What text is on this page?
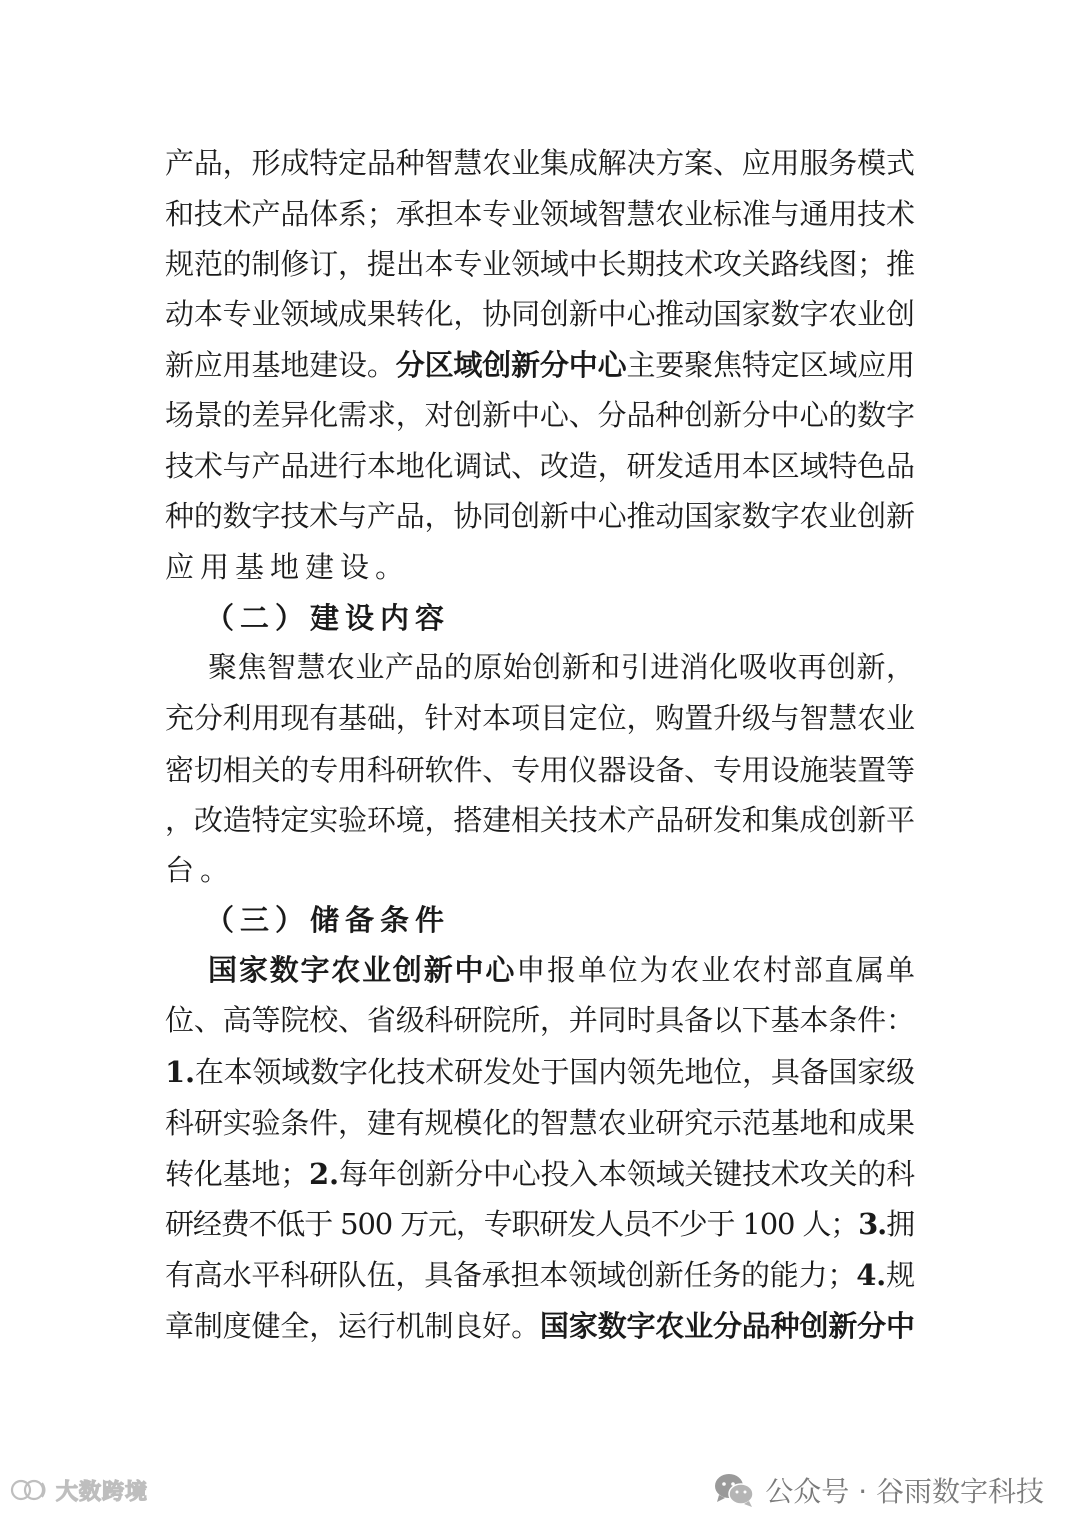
产品，形成特定品种智慧农业集成解决方案、应用服务模式
和技术产品体系；承担本专业领域智慧农业标准与通用技术
规范的制修订，提出本专业领域中长期技术攻关路线图；推
动本专业领域成果转化，协同创新中心推动国家数字农业创
新应用基地建设。分区域创新分中心主要聚焦特定区域应用
场景的差异化需求，对创新中心、分品种创新分中心的数字
技术与产品进行本地化调试、改造，研发适用本区域特色品
种的数字技术与产品，协同创新中心推动国家数字农业创新
应用基地建设。
（二）建设内容
聚焦智慧农业产品的原始创新和引进消化吸收再创新，
充分利用现有基础，针对本项目定位，购置升级与智慧农业
密切相关的专用科研软件、专用仪器设备、专用设施装置等
，改造特定实验环境，搭建相关技术产品研发和集成创新平
台。
（三）储备条件
国家数字农业创新中心申报单位为农业农村部直属单
位、高等院校、省级科研院所，并同时具备以下基本条件：
1.在本领域数字化技术研发处于国内领先地位，具备国家级
科研实验条件，建有规模化的智慧农业研究示范基地和成果
转化基地；2.每年创新分中心投入本领域关键技术攻关的科
研经费不低于 500 万元，专职研发人员不少于 100 人；3.拥
有高水平科研队伍，具备承担本领域创新任务的能力；4.规
章制度健全，运行机制良好。国家数字农业分品种创新分中
大数跨境	公众号 · 谷雨数字科技
